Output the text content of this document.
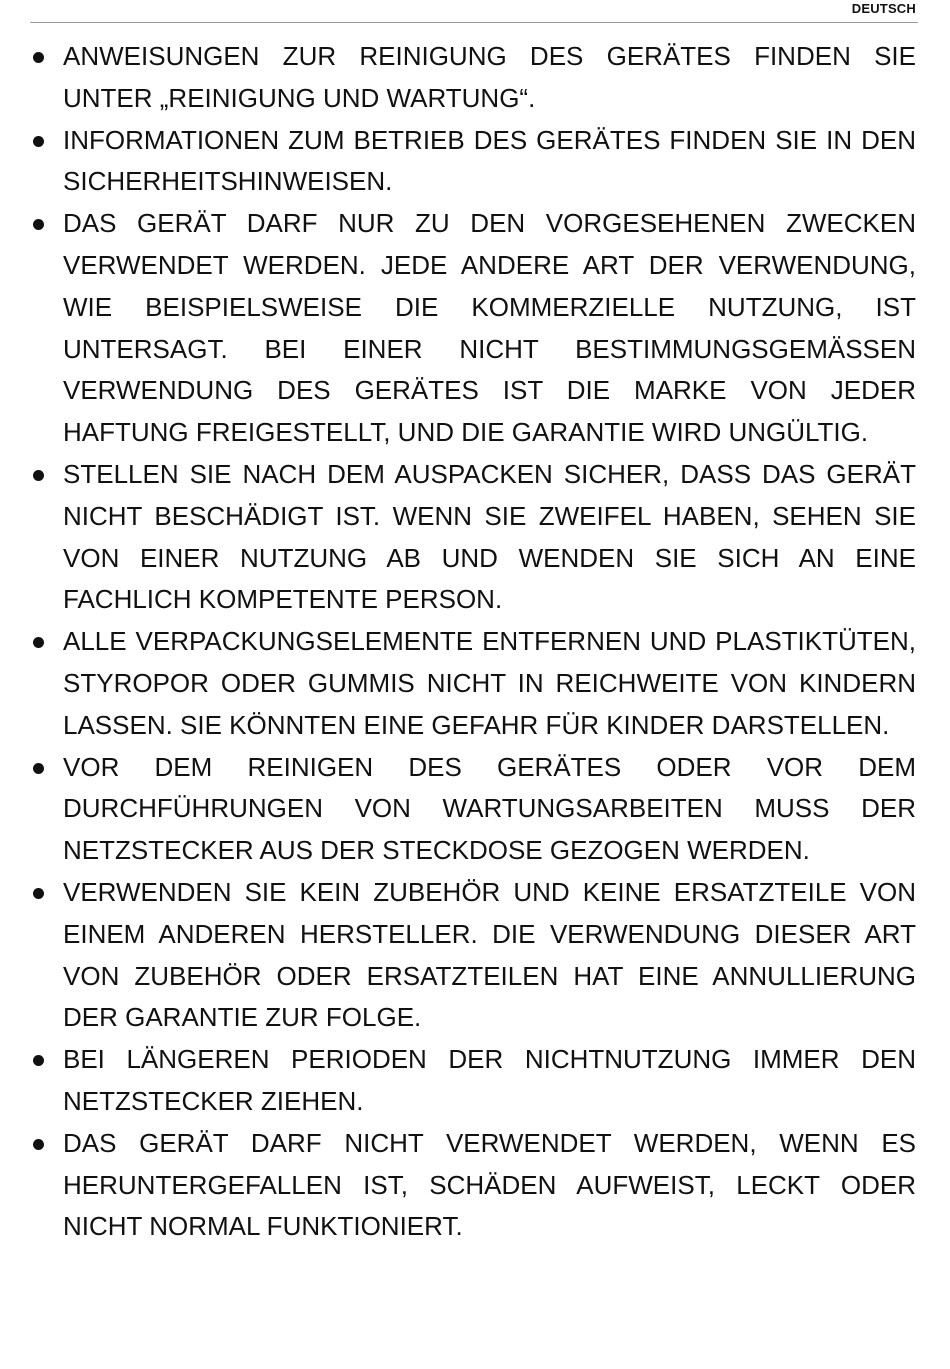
DEUTSCH
ANWEISUNGEN ZUR REINIGUNG DES GERÄTES FINDEN SIE UNTER „REINIGUNG UND WARTUNG“.
INFORMATIONEN ZUM BETRIEB DES GERÄTES FINDEN SIE IN DEN SICHERHEITSHINWEISEN.
DAS GERÄT DARF NUR ZU DEN VORGESEHENEN ZWECKEN VERWENDET WERDEN. JEDE ANDERE ART DER VERWENDUNG, WIE BEISPIELSWEISE DIE KOMMERZIELLE NUTZUNG, IST UNTERSAGT. BEI EINER NICHT BESTIMMUNGSGEMÄSSEN VERWENDUNG DES GERÄTES IST DIE MARKE VON JEDER HAFTUNG FREIGESTELLT, UND DIE GARANTIE WIRD UNGÜLTIG.
STELLEN SIE NACH DEM AUSPACKEN SICHER, DASS DAS GERÄT NICHT BESCHÄDIGT IST. WENN SIE ZWEIFEL HABEN, SEHEN SIE VON EINER NUTZUNG AB UND WENDEN SIE SICH AN EINE FACHLICH KOMPETENTE PERSON.
ALLE VERPACKUNGSELEMENTE ENTFERNEN UND PLASTIKTÜTEN, STYROPOR ODER GUMMIS NICHT IN REICHWEITE VON KINDERN LASSEN. SIE KÖNNTEN EINE GEFAHR FÜR KINDER DARSTELLEN.
VOR DEM REINIGEN DES GERÄTES ODER VOR DEM DURCHFÜHRUNGEN VON WARTUNGSARBEITEN MUSS DER NETZSTECKER AUS DER STECKDOSE GEZOGEN WERDEN.
VERWENDEN SIE KEIN ZUBEHÖR UND KEINE ERSATZTEILE VON EINEM ANDEREN HERSTELLER. DIE VERWENDUNG DIESER ART VON ZUBEHÖR ODER ERSATZTEILEN HAT EINE ANNULLIERUNG DER GARANTIE ZUR FOLGE.
BEI LÄNGEREN PERIODEN DER NICHTNUTZUNG IMMER DEN NETZSTECKER ZIEHEN.
DAS GERÄT DARF NICHT VERWENDET WERDEN, WENN ES HERUNTERGEFALLEN IST, SCHÄDEN AUFWEIST, LECKT ODER NICHT NORMAL FUNKTIONIERT.
